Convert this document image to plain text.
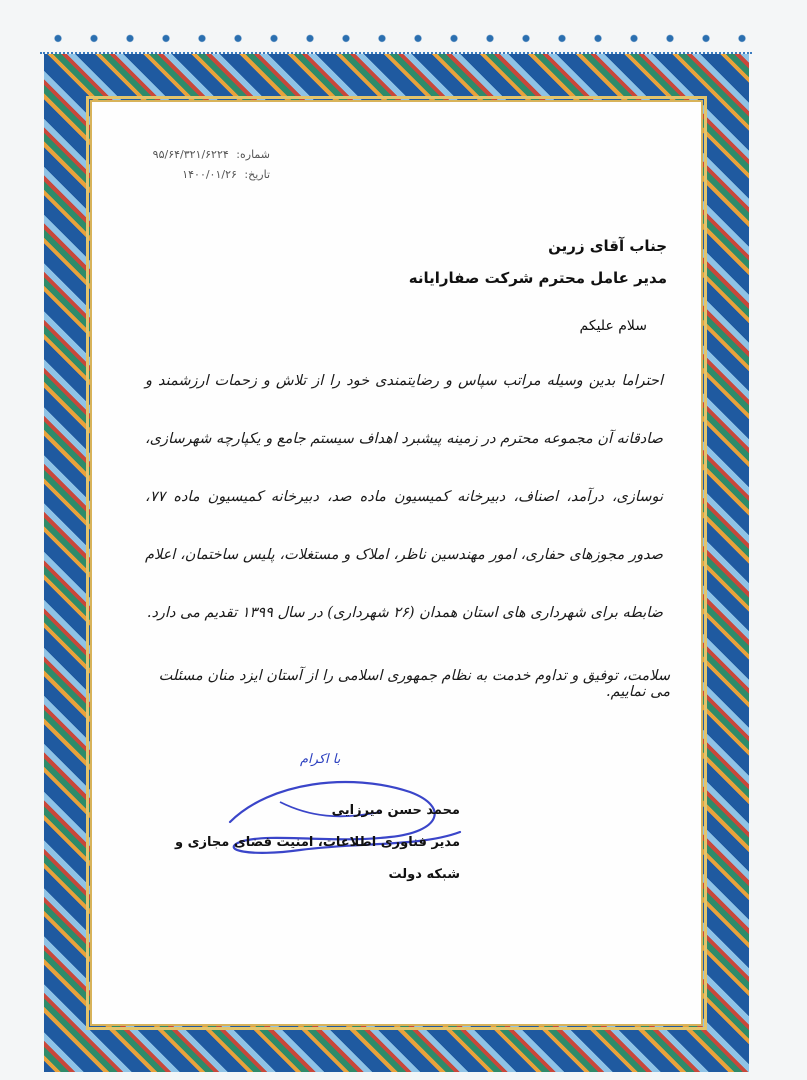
شماره: ۹۵/۶۴/۳۲۱/۶۲۲۴
تاریخ: ۱۴۰۰/۰۱/۲۶
جناب آقای زرین
مدیر عامل محترم شرکت صفارایانه
سلام علیکم
احتراما بدین وسیله مراتب سپاس و رضایتمندی خود را از تلاش و زحمات ارزشمند و صادقانه آن مجموعه محترم در زمینه پیشبرد اهداف سیستم جامع و یکپارچه شهرسازی، نوسازی، درآمد، اصناف، دبیرخانه کمیسیون ماده صد، دبیرخانه کمیسیون ماده ۷۷، صدور مجوزهای حفاری، امور مهندسین ناظر، املاک و مستغلات، پلیس ساختمان، اعلام ضابطه برای شهرداری های استان همدان (۲۶ شهرداری) در سال ۱۳۹۹ تقدیم می دارد.
سلامت، توفیق و تداوم خدمت به نظام جمهوری اسلامی را از آستان ایزد منان مسئلت می نماییم.
با اکرام
محمد حسن میرزایی
مدیر فناوری اطلاعات، امنیت فضای مجازی و
شبکه دولت
